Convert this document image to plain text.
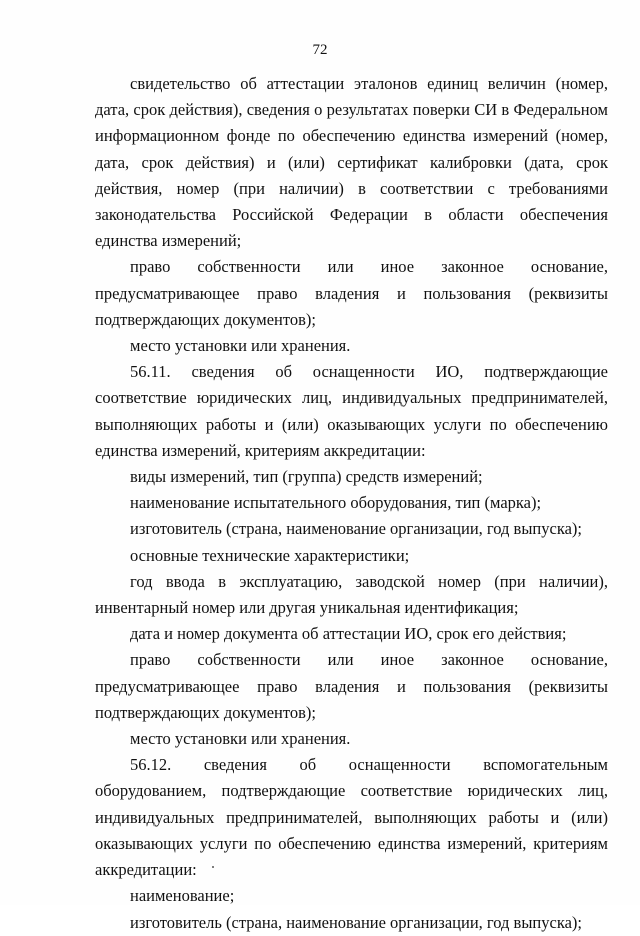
72

свидетельство об аттестации эталонов единиц величин (номер, дата, срок действия), сведения о результатах поверки СИ в Федеральном информационном фонде по обеспечению единства измерений (номер, дата, срок действия) и (или) сертификат калибровки (дата, срок действия, номер (при наличии) в соответствии с требованиями законодательства Российской Федерации в области обеспечения единства измерений;

право собственности или иное законное основание, предусматривающее право владения и пользования (реквизиты подтверждающих документов);

место установки или хранения.

56.11. сведения об оснащенности ИО, подтверждающие соответствие юридических лиц, индивидуальных предпринимателей, выполняющих работы и (или) оказывающих услуги по обеспечению единства измерений, критериям аккредитации:

виды измерений, тип (группа) средств измерений;

наименование испытательного оборудования, тип (марка);

изготовитель (страна, наименование организации, год выпуска);

основные технические характеристики;

год ввода в эксплуатацию, заводской номер (при наличии), инвентарный номер или другая уникальная идентификация;

дата и номер документа об аттестации ИО, срок его действия;

право собственности или иное законное основание, предусматривающее право владения и пользования (реквизиты подтверждающих документов);

место установки или хранения.

56.12. сведения об оснащенности вспомогательным оборудованием, подтверждающие соответствие юридических лиц, индивидуальных предпринимателей, выполняющих работы и (или) оказывающих услуги по обеспечению единства измерений, критериям аккредитации:

наименование;

изготовитель (страна, наименование организации, год выпуска);
